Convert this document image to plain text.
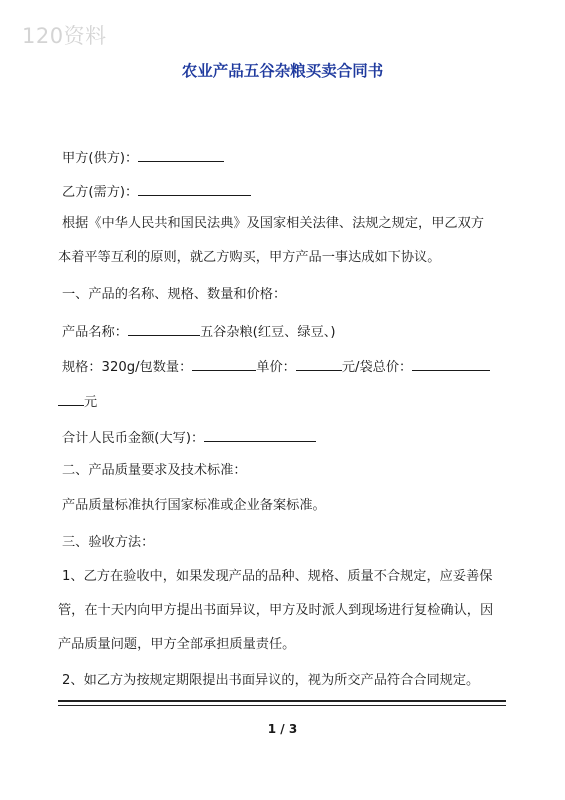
120资料
农业产品五谷杂粮买卖合同书
甲方(供方)：
乙方(需方)：
根据《中华人民共和国民法典》及国家相关法律、法规之规定，甲乙双方
本着平等互利的原则，就乙方购买，甲方产品一事达成如下协议。
一、产品的名称、规格、数量和价格：
产品名称：	五谷杂粮(红豆、绿豆、)
规格：320g/包数量：	单价：	元/袋总价：
元
合计人民币金额(大写)：
二、产品质量要求及技术标准：
产品质量标准执行国家标准或企业备案标准。
三、验收方法：
1、乙方在验收中，如果发现产品的品种、规格、质量不合规定，应妥善保
管，在十天内向甲方提出书面异议，甲方及时派人到现场进行复检确认，因
产品质量问题，甲方全部承担质量责任。
2、如乙方为按规定期限提出书面异议的，视为所交产品符合合同规定。
1 / 3
